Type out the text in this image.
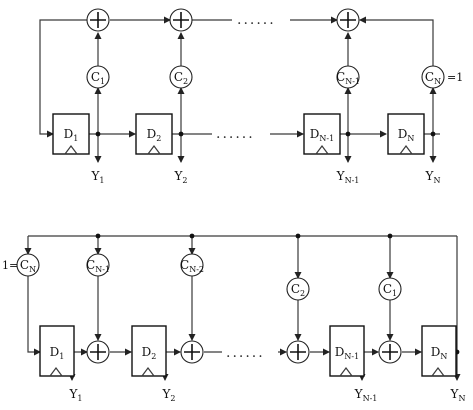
......
......
C1	C2	CN-1	CN =1
D1	D2	DN-1	DN
Y1	Y2	YN-1	YN
CN
1=	CN-1	CN-2
C2	C1
......
D1	D2	DN-1	DN
Y1	Y2	YN-1	YN
